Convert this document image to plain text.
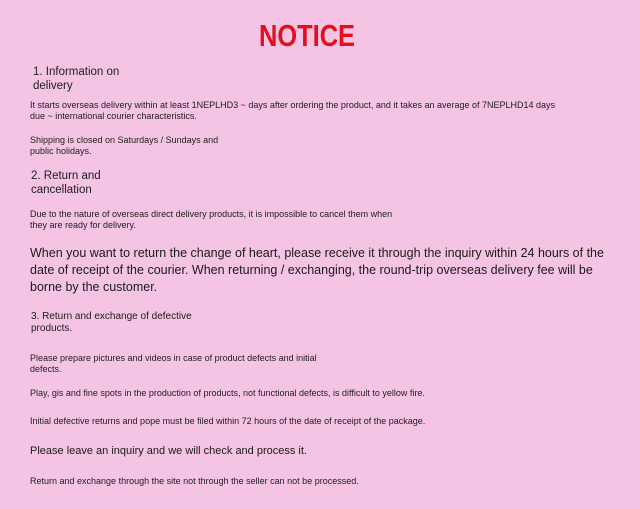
NOTICE
1. Information on
delivery
It starts overseas delivery within at least 1NEPLHD3 ~ days after ordering the product, and it takes an average of 7NEPLHD14 days
due ~ international courier characteristics.
Shipping is closed on Saturdays / Sundays and
public holidays.
2. Return and
cancellation
Due to the nature of overseas direct delivery products, it is impossible to cancel them when
they are ready for delivery.
When you want to return the change of heart, please receive it through the inquiry within 24 hours of the
date of receipt of the courier. When returning / exchanging, the round-trip overseas delivery fee will be
borne by the customer.
3. Return and exchange of defective
products.
Please prepare pictures and videos in case of product defects and initial
defects.
Play, gis and fine spots in the production of products, not functional defects, is difficult to yellow fire.
Initial defective returns and pope must be filed within 72 hours of the date of receipt of the package.
Please leave an inquiry and we will check and process it.
Return and exchange through the site not through the seller can not be processed.
